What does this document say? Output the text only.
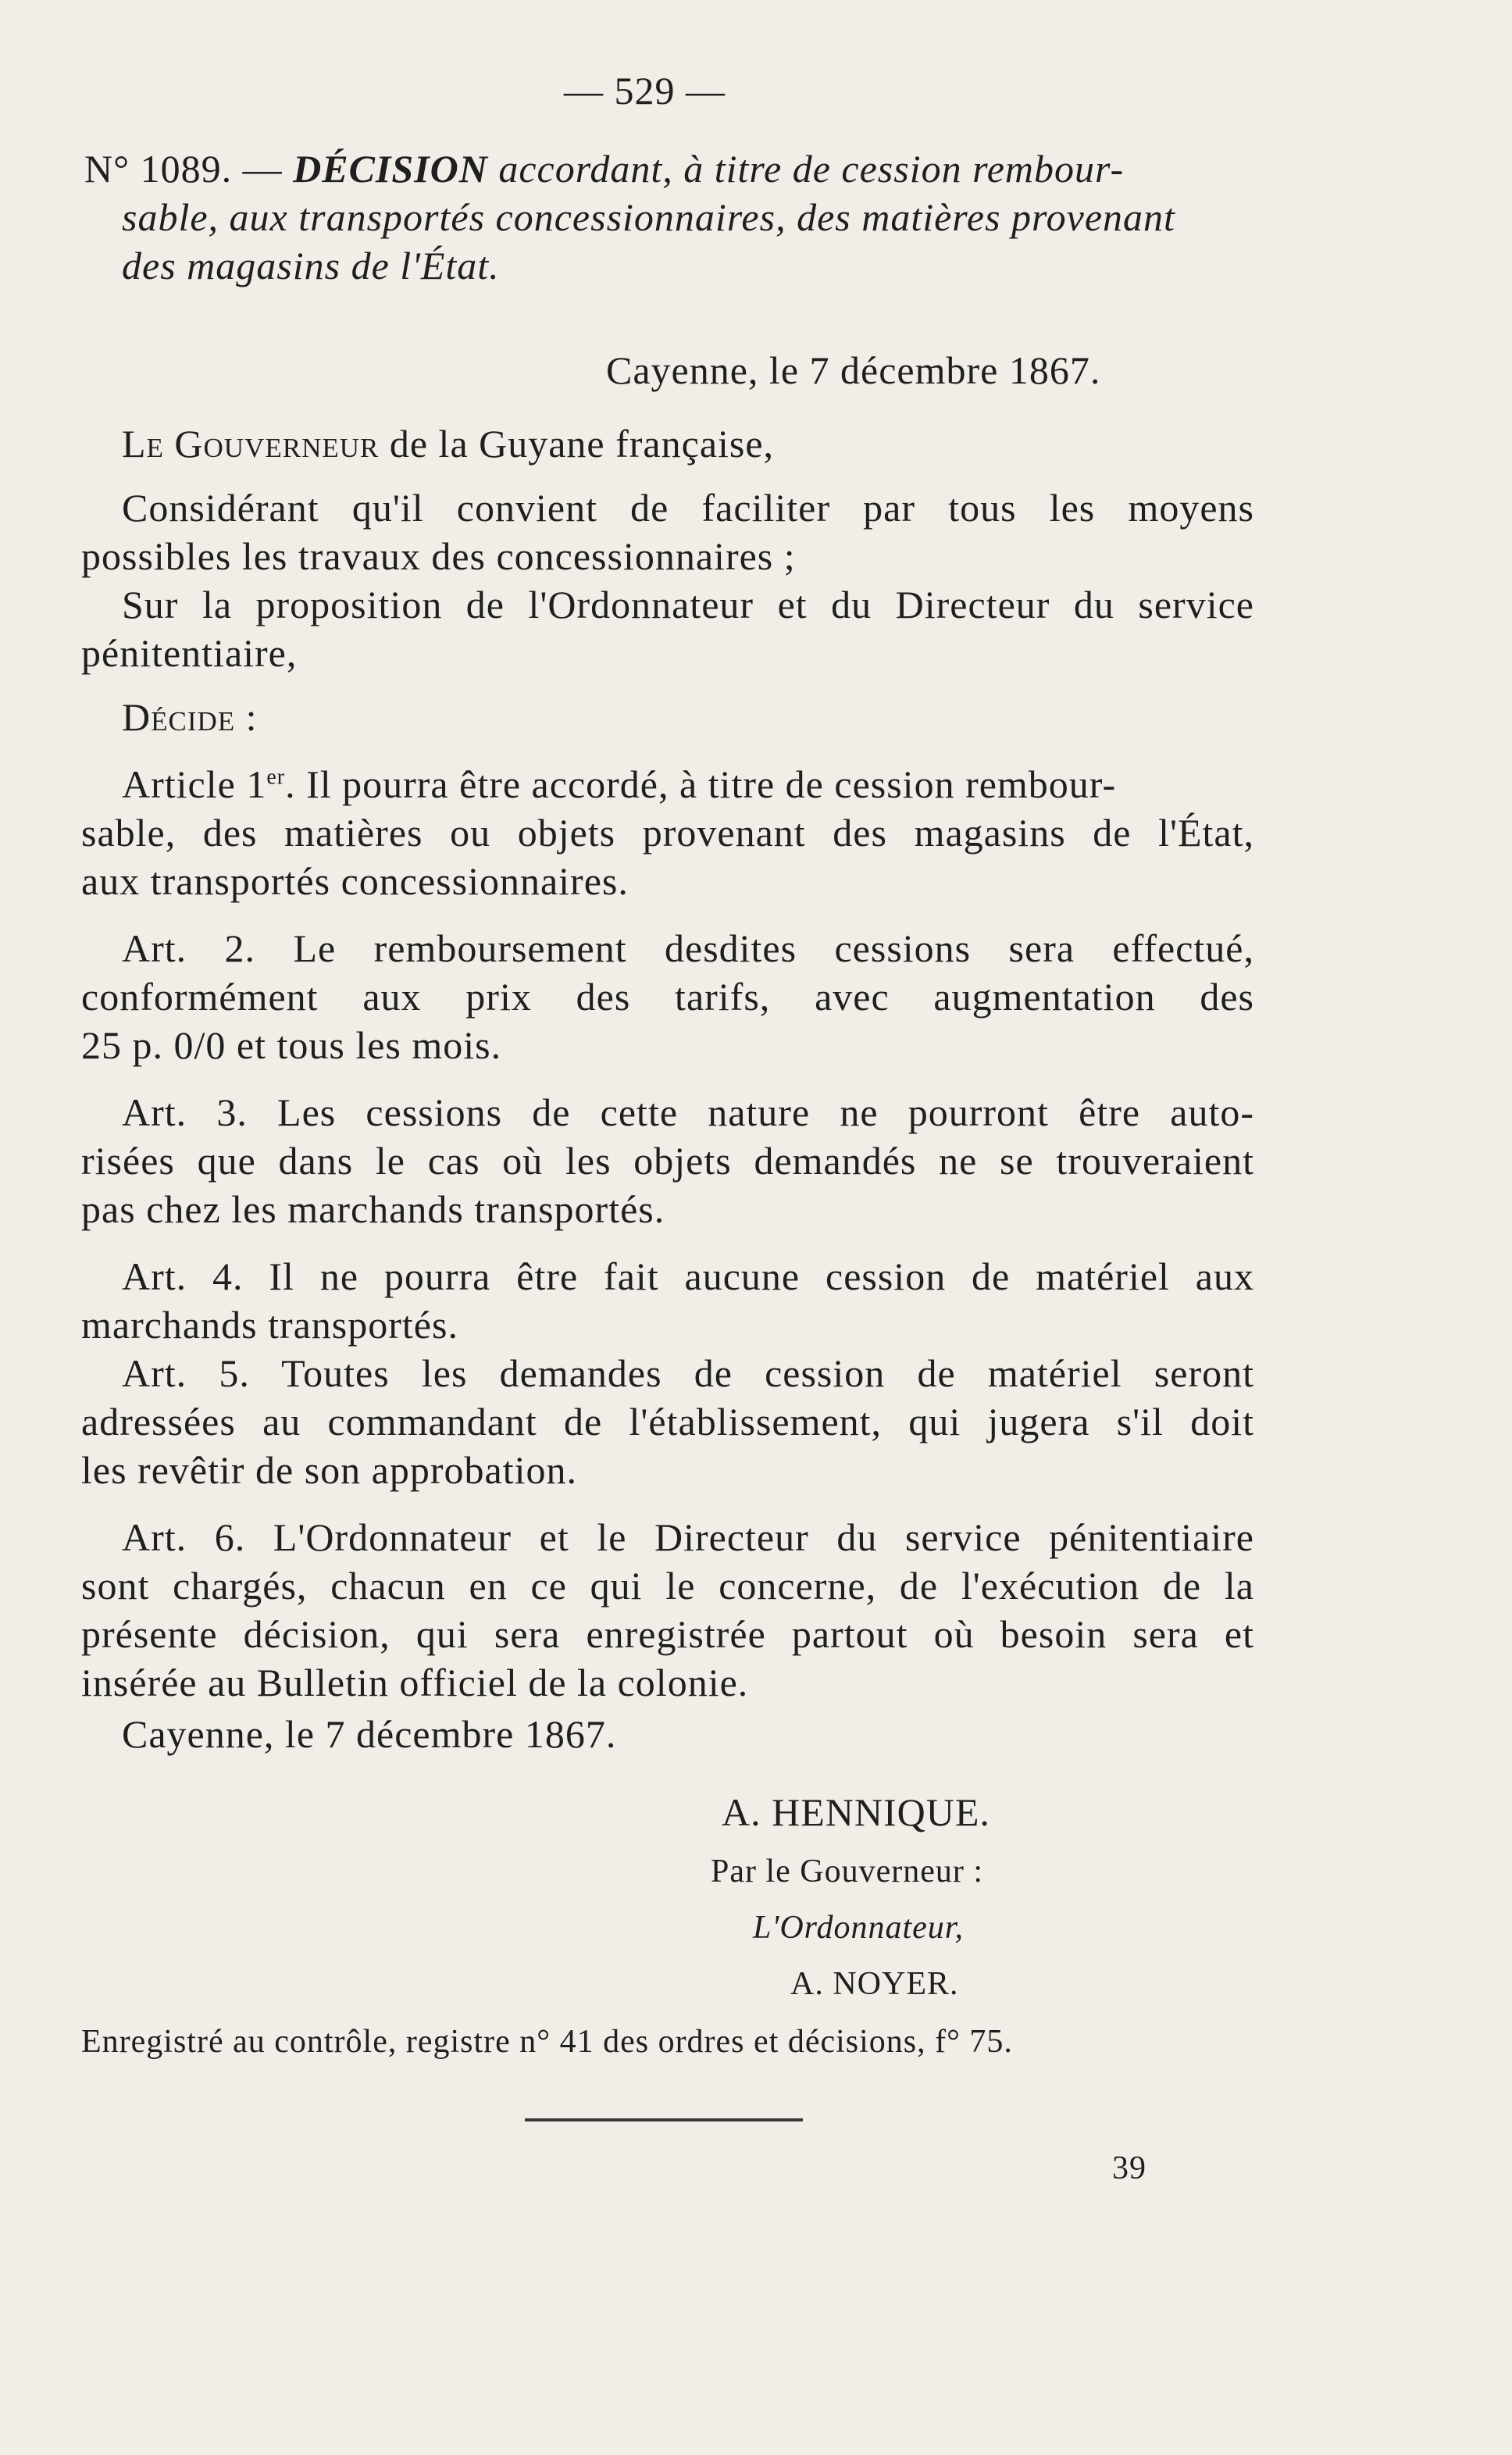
— 529 —
N° 1089. — DÉCISION accordant, à titre de cession rembour-
sable, aux transportés concessionnaires, des matières provenant
des magasins de l'État.
Cayenne, le 7 décembre 1867.
Le Gouverneur de la Guyane française,
Considérant qu'il convient de faciliter par tous les moyens
possibles les travaux des concessionnaires ;
Sur la proposition de l'Ordonnateur et du Directeur du service
pénitentiaire,
Décide :
Article 1er. Il pourra être accordé, à titre de cession rembour-
sable, des matières ou objets provenant des magasins de l'État,
aux transportés concessionnaires.
Art. 2. Le remboursement desdites cessions sera effectué,
conformément aux prix des tarifs, avec augmentation des
25 p. 0/0 et tous les mois.
Art. 3. Les cessions de cette nature ne pourront être auto-
risées que dans le cas où les objets demandés ne se trouveraient
pas chez les marchands transportés.
Art. 4. Il ne pourra être fait aucune cession de matériel aux
marchands transportés.
Art. 5. Toutes les demandes de cession de matériel seront
adressées au commandant de l'établissement, qui jugera s'il doit
les revêtir de son approbation.
Art. 6. L'Ordonnateur et le Directeur du service pénitentiaire
sont chargés, chacun en ce qui le concerne, de l'exécution de la
présente décision, qui sera enregistrée partout où besoin sera et
insérée au Bulletin officiel de la colonie.
Cayenne, le 7 décembre 1867.
A. HENNIQUE.
Par le Gouverneur :
L'Ordonnateur,
A. NOYER.
Enregistré au contrôle, registre n° 41 des ordres et décisions, f° 75.
39
